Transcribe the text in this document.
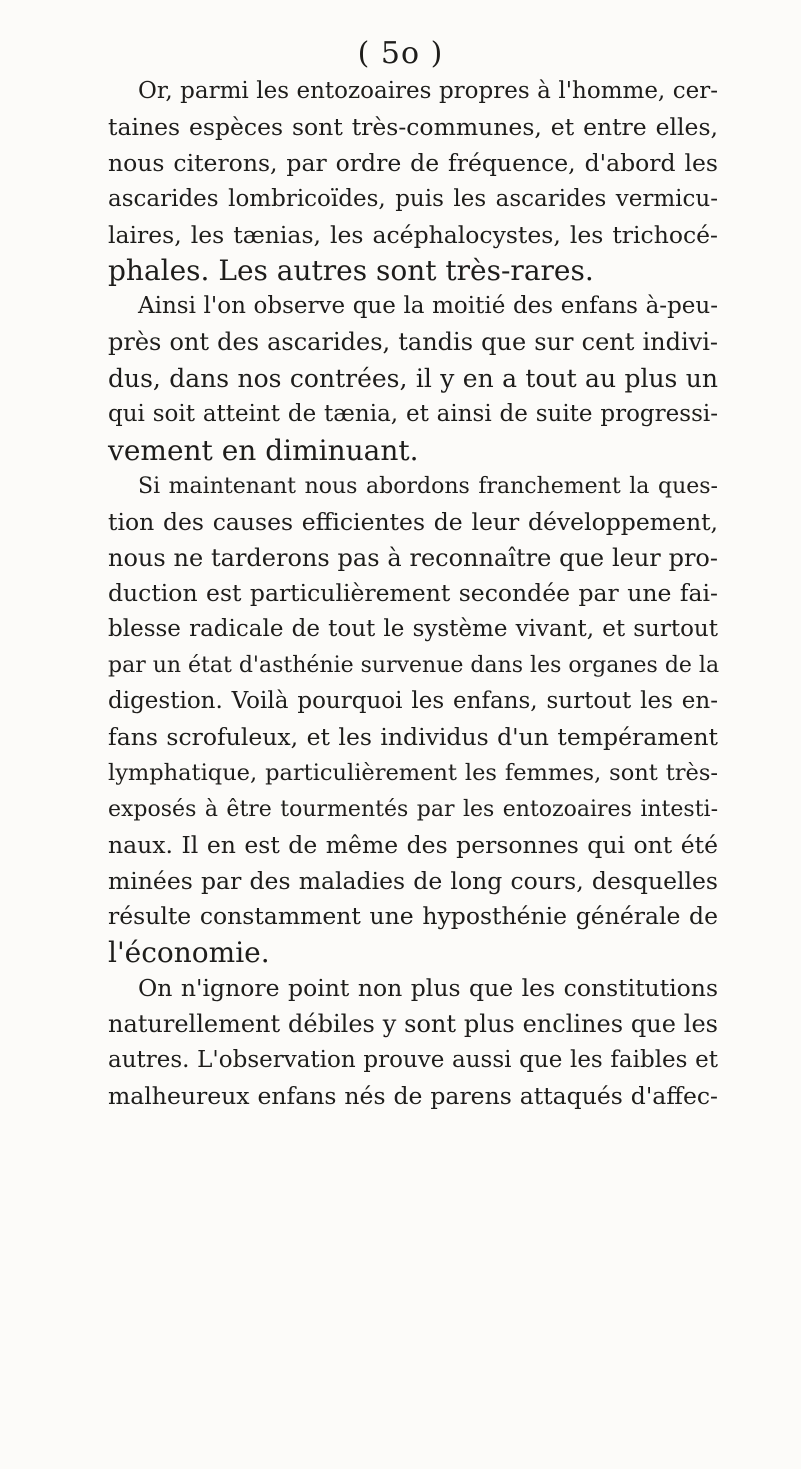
( 5o )
Or, parmi les entozoaires propres à l'homme, cer-
taines espèces sont très-communes, et entre elles,
nous citerons, par ordre de fréquence, d'abord les
ascarides lombricoïdes, puis les ascarides vermicu-
laires, les tænias, les acéphalocystes, les trichocé-
phales. Les autres sont très-rares.
Ainsi l'on observe que la moitié des enfans à-peu-
près ont des ascarides, tandis que sur cent indivi-
dus, dans nos contrées, il y en a tout au plus un
qui soit atteint de tænia, et ainsi de suite progressi-
vement en diminuant.
Si maintenant nous abordons franchement la ques-
tion des causes efficientes de leur développement,
nous ne tarderons pas à reconnaître que leur pro-
duction est particulièrement secondée par une fai-
blesse radicale de tout le système vivant, et surtout
par un état d'asthénie survenue dans les organes de la
digestion. Voilà pourquoi les enfans, surtout les en-
fans scrofuleux, et les individus d'un tempérament
lymphatique, particulièrement les femmes, sont très-
exposés à être tourmentés par les entozoaires intesti-
naux. Il en est de même des personnes qui ont été
minées par des maladies de long cours, desquelles
résulte constamment une hyposthénie générale de
l'économie.
On n'ignore point non plus que les constitutions
naturellement débiles y sont plus enclines que les
autres. L'observation prouve aussi que les faibles et
malheureux enfans nés de parens attaqués d'affec-
